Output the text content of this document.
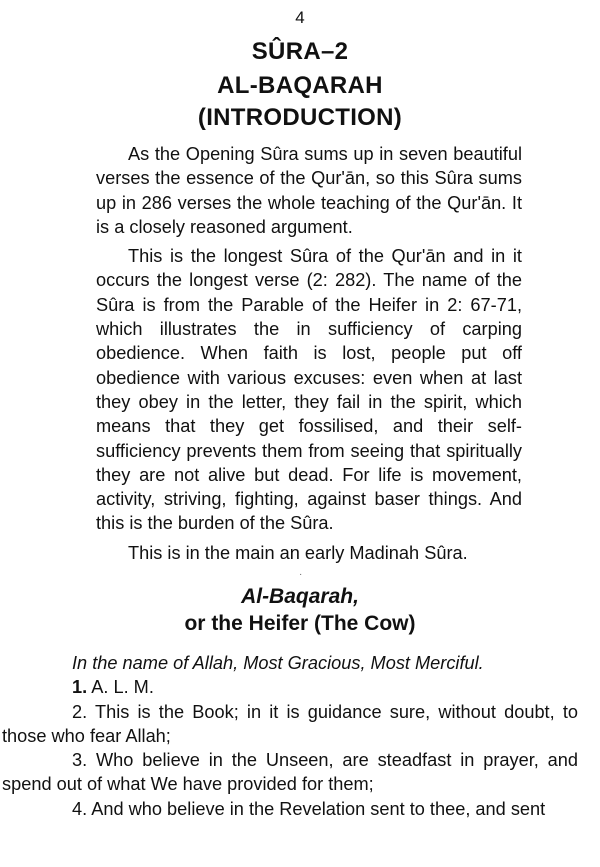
4
SÛRA–2
AL-BAQARAH
(INTRODUCTION)

As the Opening Sûra sums up in seven beautiful verses the essence of the Qur'ān, so this Sûra sums up in 286 verses the whole teaching of the Qur'ān. It is a closely reasoned argument.

This is the longest Sûra of the Qur'ān and in it occurs the longest verse (2: 282). The name of the Sûra is from the Parable of the Heifer in 2: 67-71, which illustrates the in sufficiency of carping obedience. When faith is lost, people put off obedience with various excuses: even when at last they obey in the letter, they fail in the spirit, which means that they get fossilised, and their self-sufficiency prevents them from seeing that spiritually they are not alive but dead. For life is movement, activity, striving, fighting, against baser things. And this is the burden of the Sûra.

This is in the main an early Madinah Sûra.

·
Al-Baqarah,
or the Heifer (The Cow)

In the name of Allah, Most Gracious, Most Merciful.

1. A. L. M.

2. This is the Book; in it is guidance sure, without doubt, to those who fear Allah;

3. Who believe in the Unseen, are steadfast in prayer, and spend out of what We have provided for them;

4. And who believe in the Revelation sent to thee, and sent
